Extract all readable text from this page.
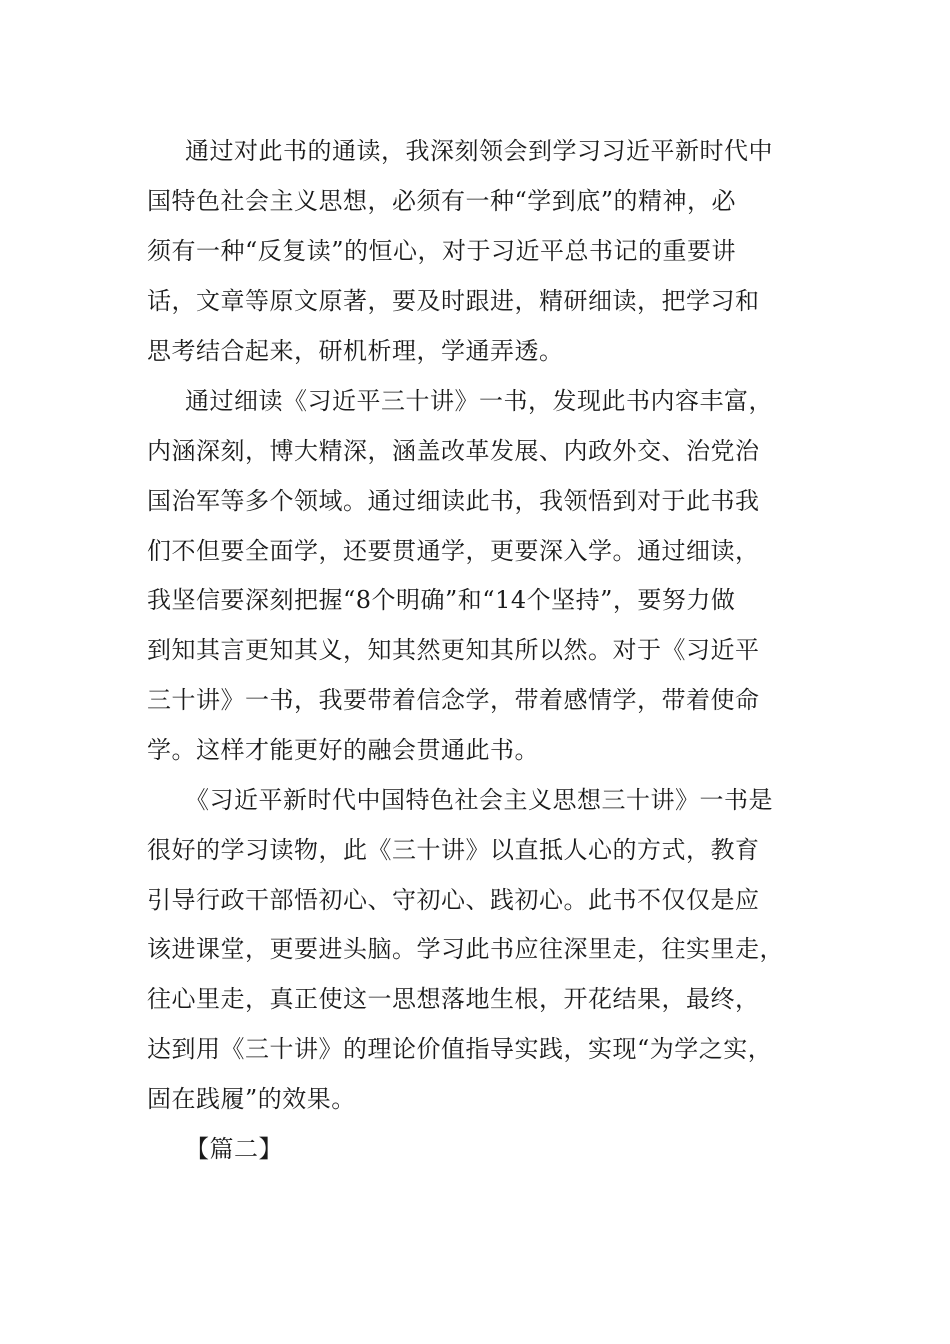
通过对此书的通读，我深刻领会到学习习近平新时代中
国特色社会主义思想，必须有一种“学到底”的精神，必
须有一种“反复读”的恒心，对于习近平总书记的重要讲
话，文章等原文原著，要及时跟进，精研细读，把学习和
思考结合起来，研机析理，学通弄透。
通过细读《习近平三十讲》一书，发现此书内容丰富，
内涵深刻，博大精深，涵盖改革发展、内政外交、治党治
国治军等多个领域。通过细读此书，我领悟到对于此书我
们不但要全面学，还要贯通学，更要深入学。通过细读，
我坚信要深刻把握“8个明确”和“14个坚持”，要努力做
到知其言更知其义，知其然更知其所以然。对于《习近平
三十讲》一书，我要带着信念学，带着感情学，带着使命
学。这样才能更好的融会贯通此书。
《习近平新时代中国特色社会主义思想三十讲》一书是
很好的学习读物，此《三十讲》以直抵人心的方式，教育
引导行政干部悟初心、守初心、践初心。此书不仅仅是应
该进课堂，更要进头脑。学习此书应往深里走，往实里走，
往心里走，真正使这一思想落地生根，开花结果，最终，
达到用《三十讲》的理论价值指导实践，实现“为学之实，
固在践履”的效果。
【篇二】
